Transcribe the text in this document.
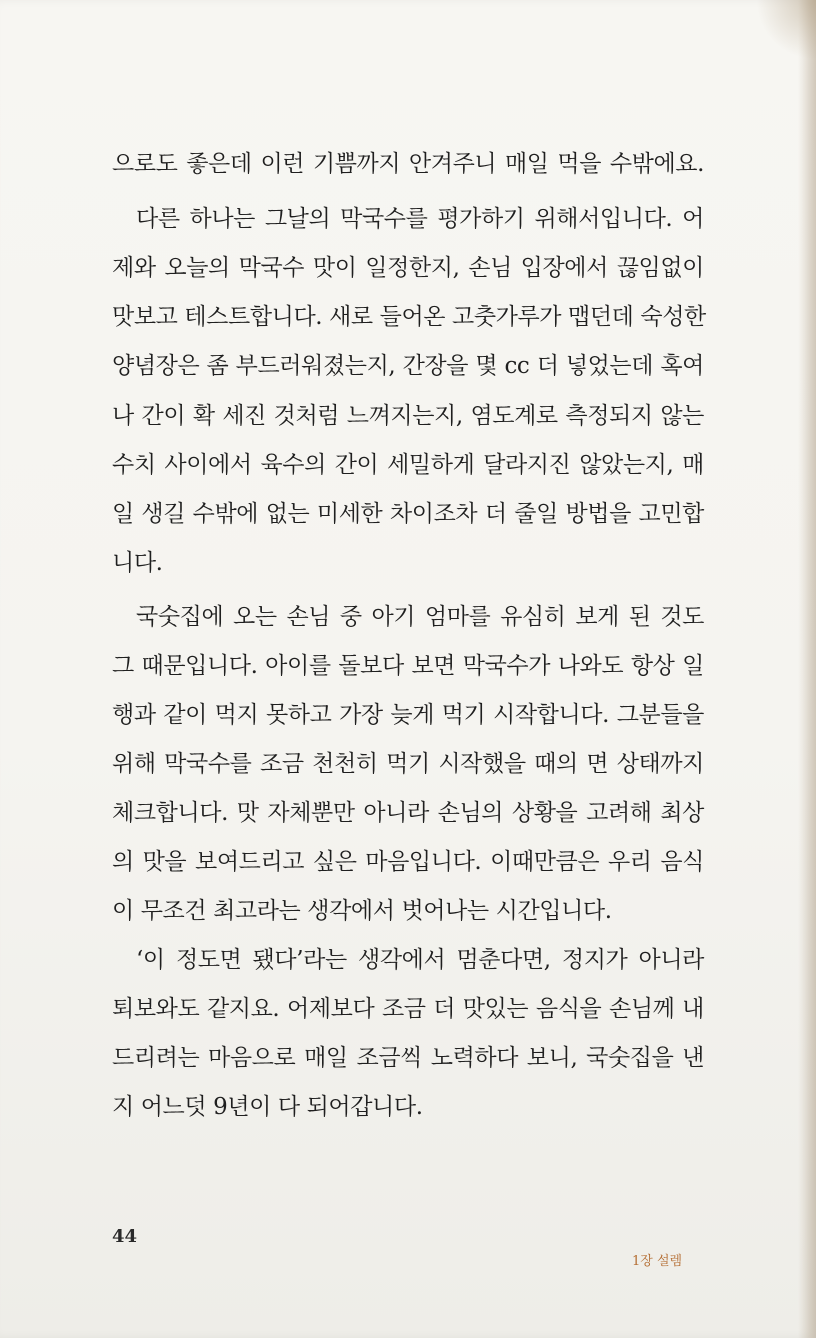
으로도 좋은데 이런 기쁨까지 안겨주니 매일 먹을 수밖에요.
다른 하나는 그날의 막국수를 평가하기 위해서입니다. 어
제와 오늘의 막국수 맛이 일정한지, 손님 입장에서 끊임없이
맛보고 테스트합니다. 새로 들어온 고춧가루가 맵던데 숙성한
양념장은 좀 부드러워졌는지, 간장을 몇 cc 더 넣었는데 혹여
나 간이 확 세진 것처럼 느껴지는지, 염도계로 측정되지 않는
수치 사이에서 육수의 간이 세밀하게 달라지진 않았는지, 매
일 생길 수밖에 없는 미세한 차이조차 더 줄일 방법을 고민합
니다.
국숫집에 오는 손님 중 아기 엄마를 유심히 보게 된 것도
그 때문입니다. 아이를 돌보다 보면 막국수가 나와도 항상 일
행과 같이 먹지 못하고 가장 늦게 먹기 시작합니다. 그분들을
위해 막국수를 조금 천천히 먹기 시작했을 때의 면 상태까지
체크합니다. 맛 자체뿐만 아니라 손님의 상황을 고려해 최상
의 맛을 보여드리고 싶은 마음입니다. 이때만큼은 우리 음식
이 무조건 최고라는 생각에서 벗어나는 시간입니다.
‘이 정도면 됐다’라는 생각에서 멈춘다면, 정지가 아니라
퇴보와도 같지요. 어제보다 조금 더 맛있는 음식을 손님께 내
드리려는 마음으로 매일 조금씩 노력하다 보니, 국숫집을 낸
지 어느덧 9년이 다 되어갑니다.
44
1장 설렘
